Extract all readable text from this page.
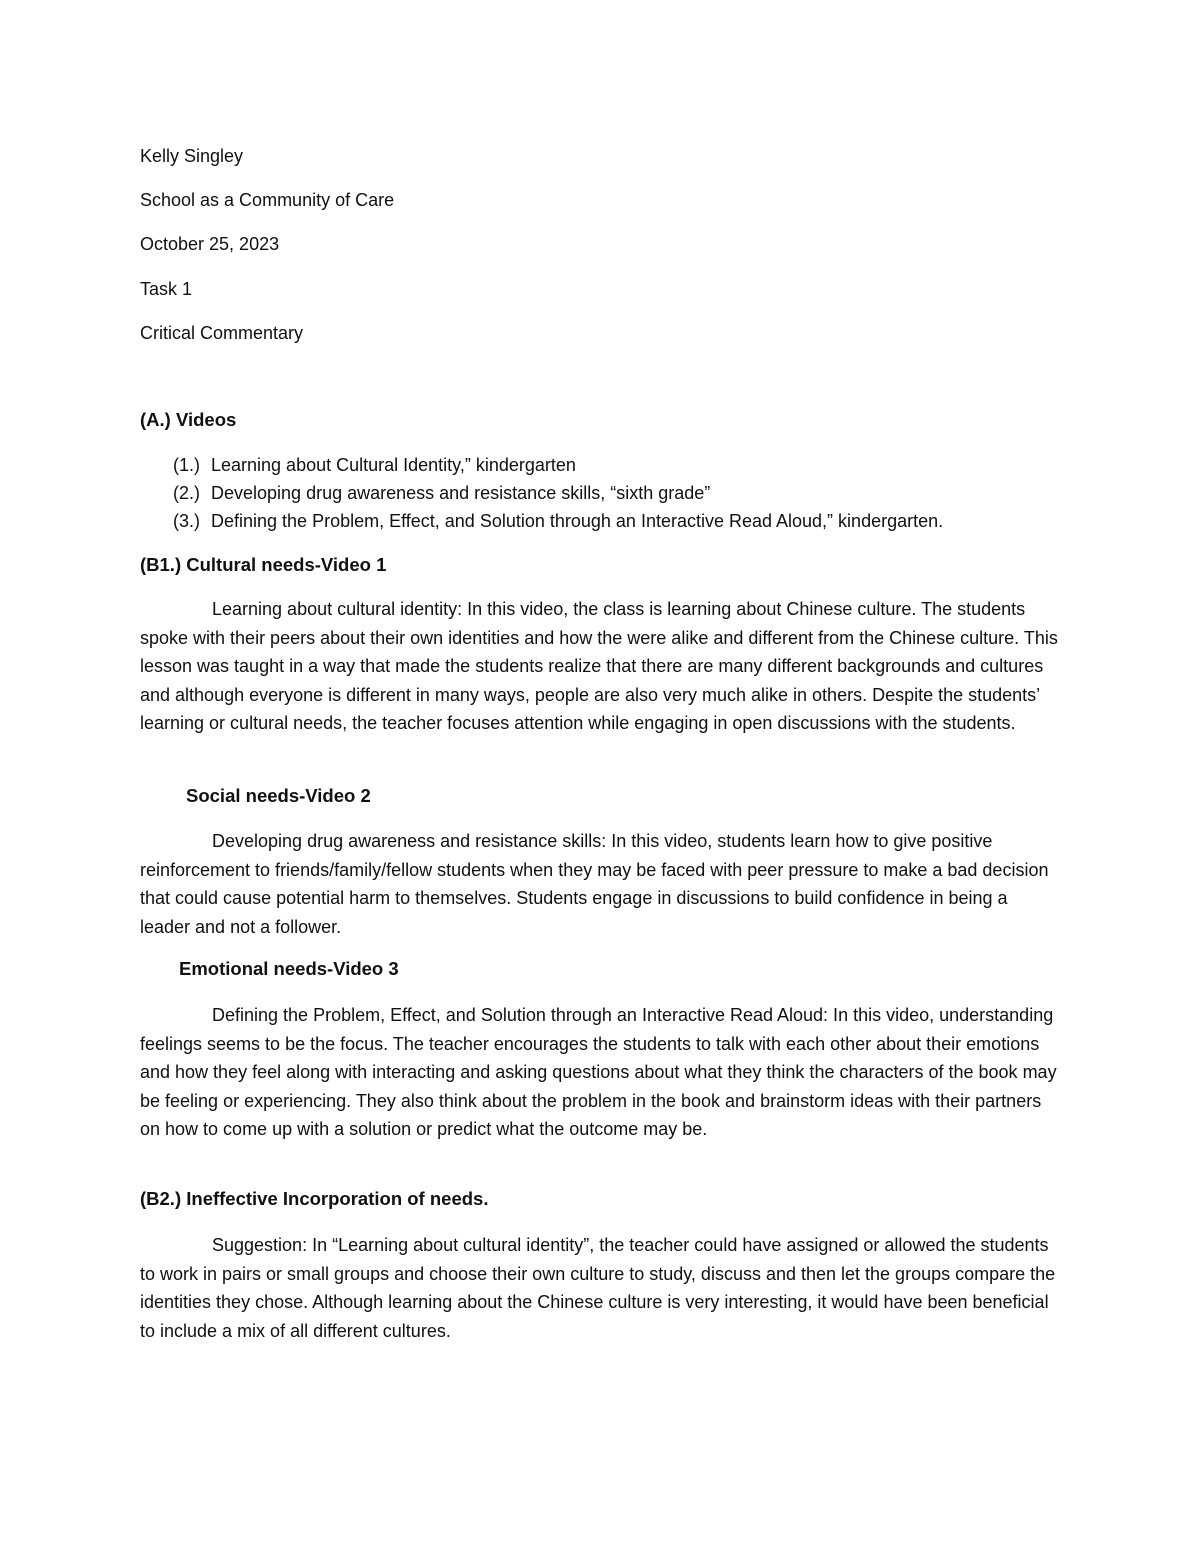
Kelly Singley

School as a Community of Care

October 25, 2023

Task 1

Critical Commentary

(A.) Videos
(1.) Learning about Cultural Identity,” kindergarten
(2.) Developing drug awareness and resistance skills, “sixth grade”
(3.) Defining the Problem, Effect, and Solution through an Interactive Read Aloud,” kindergarten.
(B1.) Cultural needs-Video 1

Learning about cultural identity: In this video, the class is learning about Chinese culture. The students spoke with their peers about their own identities and how the were alike and different from the Chinese culture. This lesson was taught in a way that made the students realize that there are many different backgrounds and cultures and although everyone is different in many ways, people are also very much alike in others. Despite the students’ learning or cultural needs, the teacher focuses attention while engaging in open discussions with the students.

Social needs-Video 2

Developing drug awareness and resistance skills: In this video, students learn how to give positive reinforcement to friends/family/fellow students when they may be faced with peer pressure to make a bad decision that could cause potential harm to themselves. Students engage in discussions to build confidence in being a leader and not a follower.

Emotional needs-Video 3

Defining the Problem, Effect, and Solution through an Interactive Read Aloud: In this video, understanding feelings seems to be the focus. The teacher encourages the students to talk with each other about their emotions and how they feel along with interacting and asking questions about what they think the characters of the book may be feeling or experiencing. They also think about the problem in the book and brainstorm ideas with their partners on how to come up with a solution or predict what the outcome may be.

(B2.) Ineffective Incorporation of needs.

Suggestion: In “Learning about cultural identity”, the teacher could have assigned or allowed the students to work in pairs or small groups and choose their own culture to study, discuss and then let the groups compare the identities they chose. Although learning about the Chinese culture is very interesting, it would have been beneficial to include a mix of all different cultures.
